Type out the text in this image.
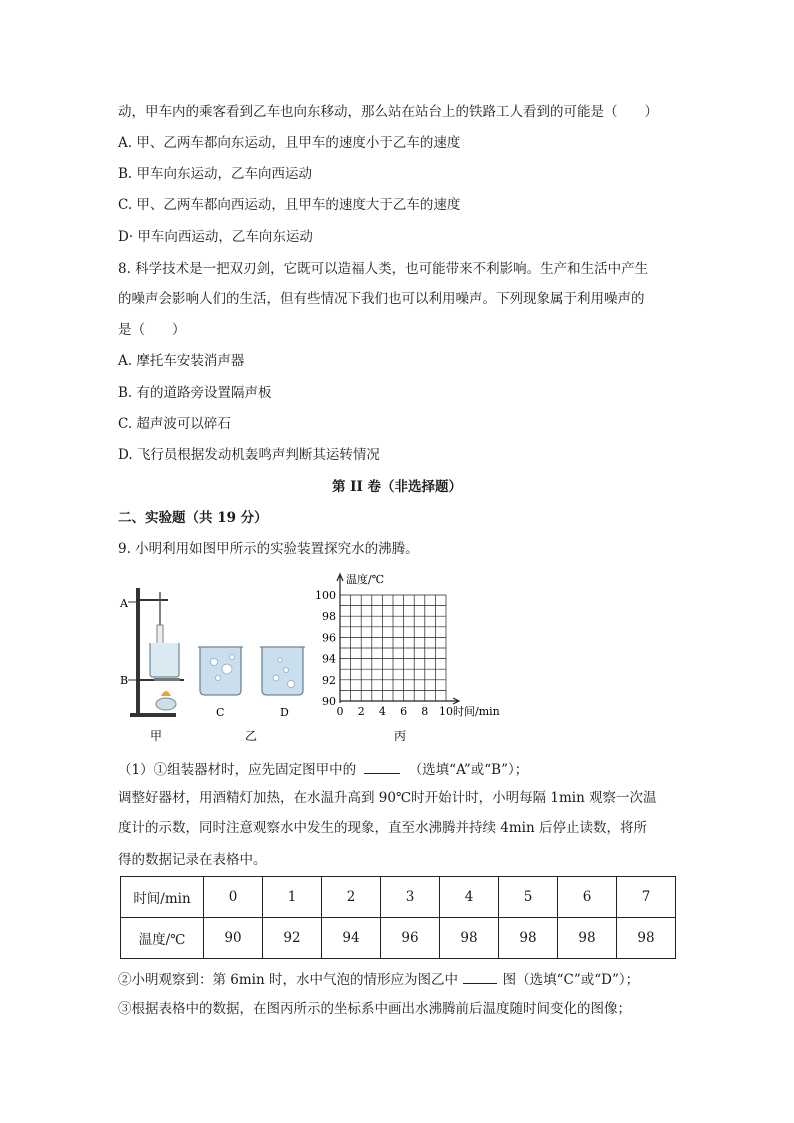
动，甲车内的乘客看到乙车也向东移动，那么站在站台上的铁路工人看到的可能是（　　）
A. 甲、乙两车都向东运动，且甲车的速度小于乙车的速度
B. 甲车向东运动，乙车向西运动
C. 甲、乙两车都向西运动，且甲车的速度大于乙车的速度
D· 甲车向西运动，乙车向东运动
8. 科学技术是一把双刃剑，它既可以造福人类，也可能带来不利影响。生产和生活中产生
的噪声会影响人们的生活，但有些情况下我们也可以利用噪声。下列现象属于利用噪声的
是（　　）
A. 摩托车安装消声器
B. 有的道路旁设置隔声板
C. 超声波可以碎石
D. 飞行员根据发动机轰鸣声判断其运转情况
第 II 卷（非选择题）
二、实验题（共 19 分）
9. 小明利用如图甲所示的实验装置探究水的沸腾。
A
B
C	D
甲	乙	丙
温度/℃
时间/min
100
98
96
94
92
90
0 2 4 6 8 10
（1）①组装器材时，应先固定图甲中的	（选填“A”或“B”）；
调整好器材，用酒精灯加热，在水温升高到 90℃时开始计时，小明每隔 1min 观察一次温
度计的示数，同时注意观察水中发生的现象，直至水沸腾并持续 4min 后停止读数，将所
得的数据记录在表格中。
时间/min	0	1	2	3	4	5	6	7
温度/℃	90	92	94	96	98	98	98	98
②小明观察到：第 6min 时，水中气泡的情形应为图乙中	图（选填“C”或“D”）；
③根据表格中的数据，在图丙所示的坐标系中画出水沸腾前后温度随时间变化的图像；
